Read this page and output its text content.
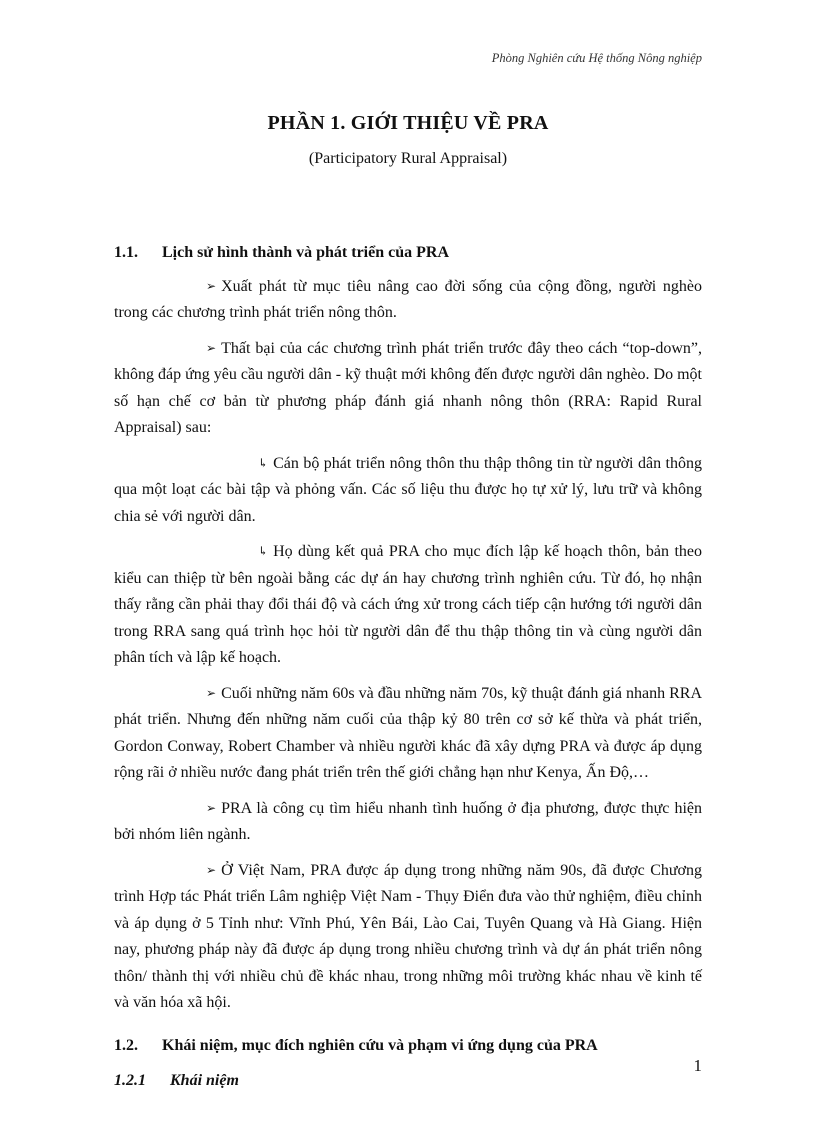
Phòng Nghiên cứu Hệ thống Nông nghiệp
PHẦN 1. GIỚI THIỆU VỀ PRA
(Participatory Rural Appraisal)
1.1.	Lịch sử hình thành và phát triển của PRA

➢ Xuất phát từ mục tiêu nâng cao đời sống của cộng đồng, người nghèo trong các chương trình phát triển nông thôn.

➢ Thất bại của các chương trình phát triển trước đây theo cách “top-down”, không đáp ứng yêu cầu người dân - kỹ thuật mới không đến được người dân nghèo. Do một số hạn chế cơ bản từ phương pháp đánh giá nhanh nông thôn (RRA: Rapid Rural Appraisal) sau:

↳ Cán bộ phát triển nông thôn thu thập thông tin từ người dân thông qua một loạt các bài tập và phỏng vấn. Các số liệu thu được họ tự xử lý, lưu trữ và không chia sẻ với người dân.

↳ Họ dùng kết quả PRA cho mục đích lập kế hoạch thôn, bản theo kiểu can thiệp từ bên ngoài bằng các dự án hay chương trình nghiên cứu. Từ đó, họ nhận thấy rằng cần phải thay đổi thái độ và cách ứng xử trong cách tiếp cận hướng tới người dân trong RRA sang quá trình học hỏi từ người dân để thu thập thông tin và cùng người dân phân tích và lập kế hoạch.

➢ Cuối những năm 60s và đầu những năm 70s, kỹ thuật đánh giá nhanh RRA phát triển. Nhưng đến những năm cuối của thập kỷ 80 trên cơ sở kế thừa và phát triển, Gordon Conway, Robert Chamber và nhiều người khác đã xây dựng PRA và được áp dụng rộng rãi ở nhiều nước đang phát triển trên thế giới chẳng hạn như Kenya, Ấn Độ,…

➢ PRA là công cụ tìm hiểu nhanh tình huống ở địa phương, được thực hiện bởi nhóm liên ngành.

➢ Ở Việt Nam, PRA được áp dụng trong những năm 90s, đã được Chương trình Hợp tác Phát triển Lâm nghiệp Việt Nam - Thụy Điển đưa vào thử nghiệm, điều chỉnh và áp dụng ở 5 Tỉnh như: Vĩnh Phú, Yên Bái, Lào Cai, Tuyên Quang và Hà Giang. Hiện nay, phương pháp này đã được áp dụng trong nhiều chương trình và dự án phát triển nông thôn/ thành thị với nhiều chủ đề khác nhau, trong những môi trường khác nhau về kinh tế và văn hóa xã hội.

1.2.	Khái niệm, mục đích nghiên cứu và phạm vi ứng dụng của PRA
1.2.1	Khái niệm
1
